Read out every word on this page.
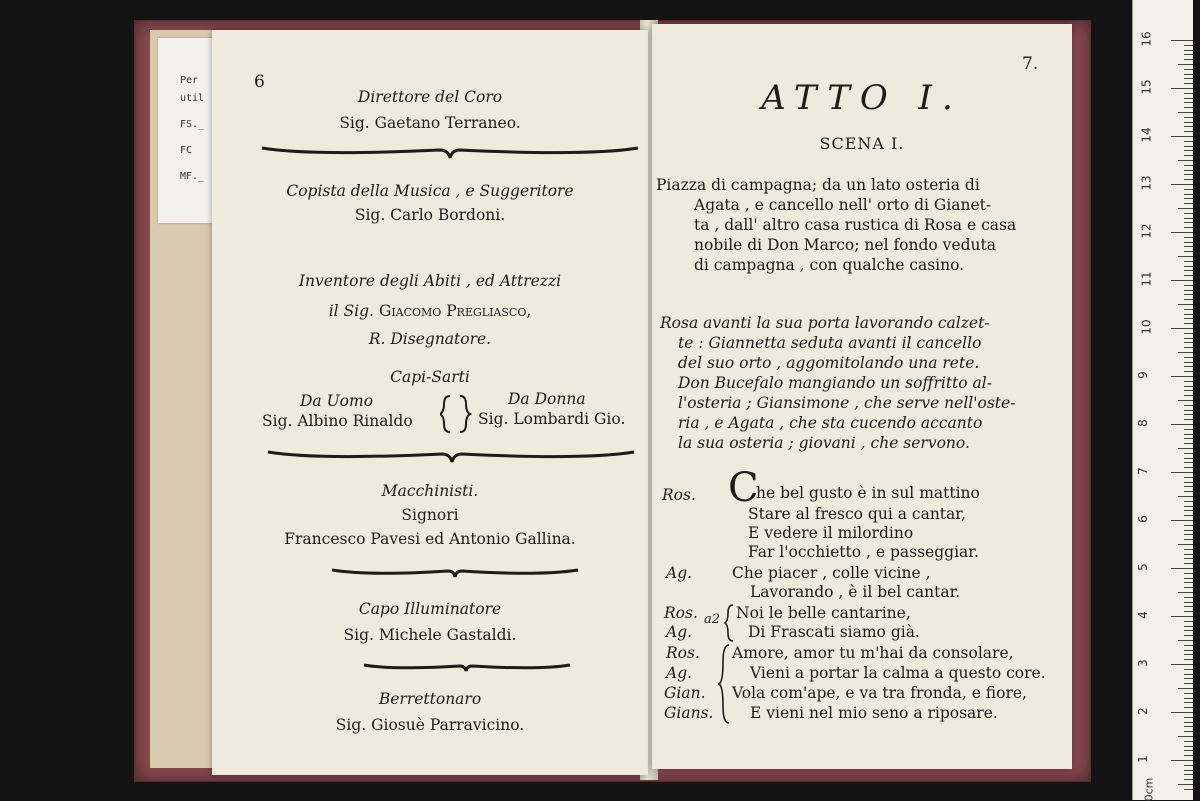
Per
util
FS._
FC
MF._
6
Direttore del Coro
Sig. Gaetano Terraneo.
Copista della Musica , e Suggeritore
Sig. Carlo Bordoni.
Inventore degli Abiti , ed Attrezzi
il Sig. Giacomo Pregliasco,
R. Disegnatore.
Capi-Sarti
Da Uomo
Sig. Albino Rinaldo
Da Donna
Sig. Lombardi Gio.
Macchinisti.
Signori
Francesco Pavesi ed Antonio Gallina.
Capo Illuminatore
Sig. Michele Gastaldi.
Berrettonaro
Sig. Giosuè Parravicino.
7.
ATTO I.
SCENA I.
Piazza di campagna; da un lato osteria di
Agata , e cancello nell' orto di Gianet-
ta , dall' altro casa rustica di Rosa e casa
nobile di Don Marco; nel fondo veduta
di campagna , con qualche casino.
Rosa avanti la sua porta lavorando calzet-
te : Giannetta seduta avanti il cancello
del suo orto , aggomitolando una rete.
Don Bucefalo mangiando un soffritto al-
l'osteria ; Giansimone , che serve nell'oste-
ria , e Agata , che sta cucendo accanto
la sua osteria ; giovani , che servono.
Ros. C
he bel gusto è in sul mattino
Stare al fresco qui a cantar,
E vedere il milordino
Far l'occhietto , e passeggiar.
Ag.	Che piacer , colle vicine ,
Lavorando , è il bel cantar.
Ros.
Ag.
a2 Noi le belle cantarine,
Di Frascati siamo già.
Ros.
Ag.
Gian.
Gians.
Amore, amor tu m'hai da consolare,
Vieni a portar la calma a questo core.
Vola com'ape, e va tra fronda, e fiore,
E vieni nel mio seno a riposare.
0cm
16
15
14
13
12
11
10
9
8
7
6
5
4
3
2
1
